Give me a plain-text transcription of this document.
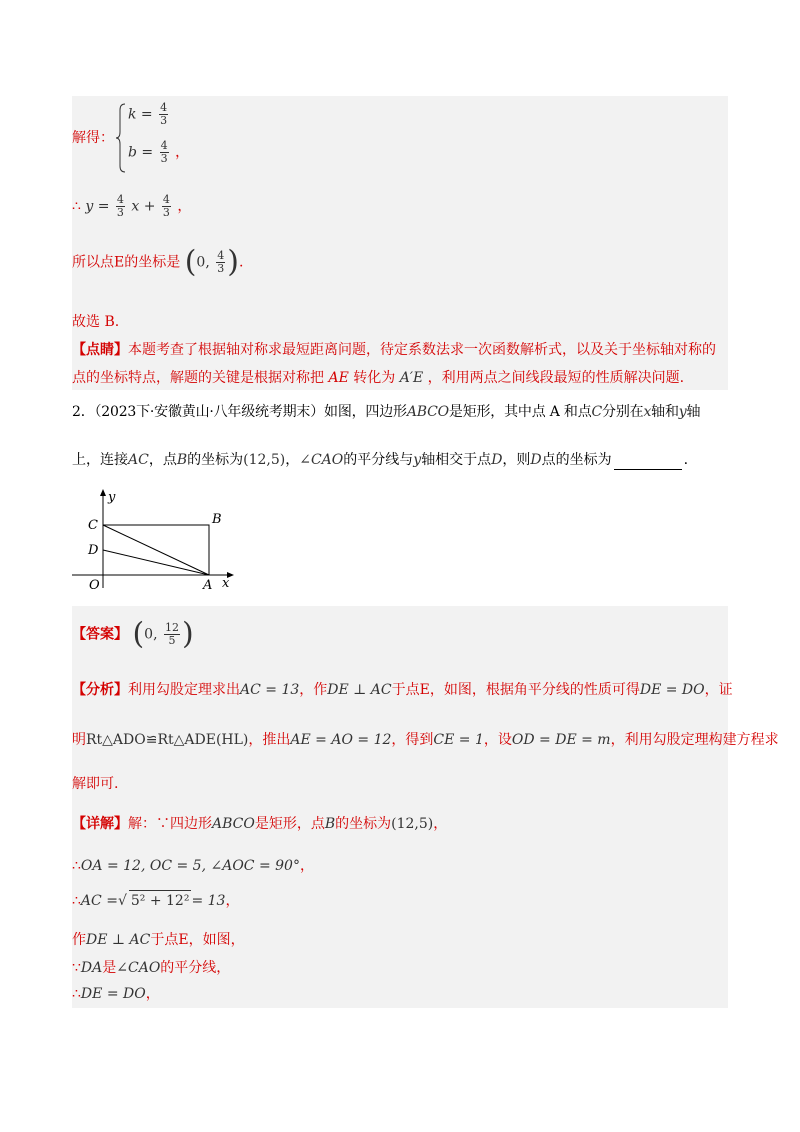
解得：
$k = \frac{4}{3}$
$b = \frac{4}{3}$ ，
∴ $y = \frac{4}{3}$ $x + \frac{4}{3}$ ，
所以点E的坐标是 (0, $\frac{4}{3}$ ).
故选 B.
【点睛】本题考查了根据轴对称求最短距离问题，待定系数法求一次函数解析式，以及关于坐标轴对称的
点的坐标特点，解题的关键是根据对称把 AE 转化为 A′E ，利用两点之间线段最短的性质解决问题.
2．（2023下·安徽黄山·八年级统考期末）如图，四边形ABCO是矩形，其中点 A 和点C分别在x轴和y轴
上，连接AC，点B的坐标为(12,5)，∠CAO的平分线与y轴相交于点D，则D点的坐标为	.
y
x
C	B
D
O	A
【答案】 (0, $\frac{12}{5}$ )
【分析】利用勾股定理求出AC = 13，作DE ⊥ AC于点E，如图，根据角平分线的性质可得DE = DO，证
明Rt△ADO≌Rt△ADE(HL)，推出AE = AO = 12，得到CE = 1，设OD = DE = m，利用勾股定理构建方程求
解即可.
【详解】解：∵四边形ABCO是矩形，点B的坐标为(12,5)，
∴OA = 12, OC = 5, ∠AOC = 90°，
∴AC =√ 5² + 12² = 13，
作DE ⊥ AC于点E，如图，
∵DA是∠CAO的平分线，
∴DE = DO，
